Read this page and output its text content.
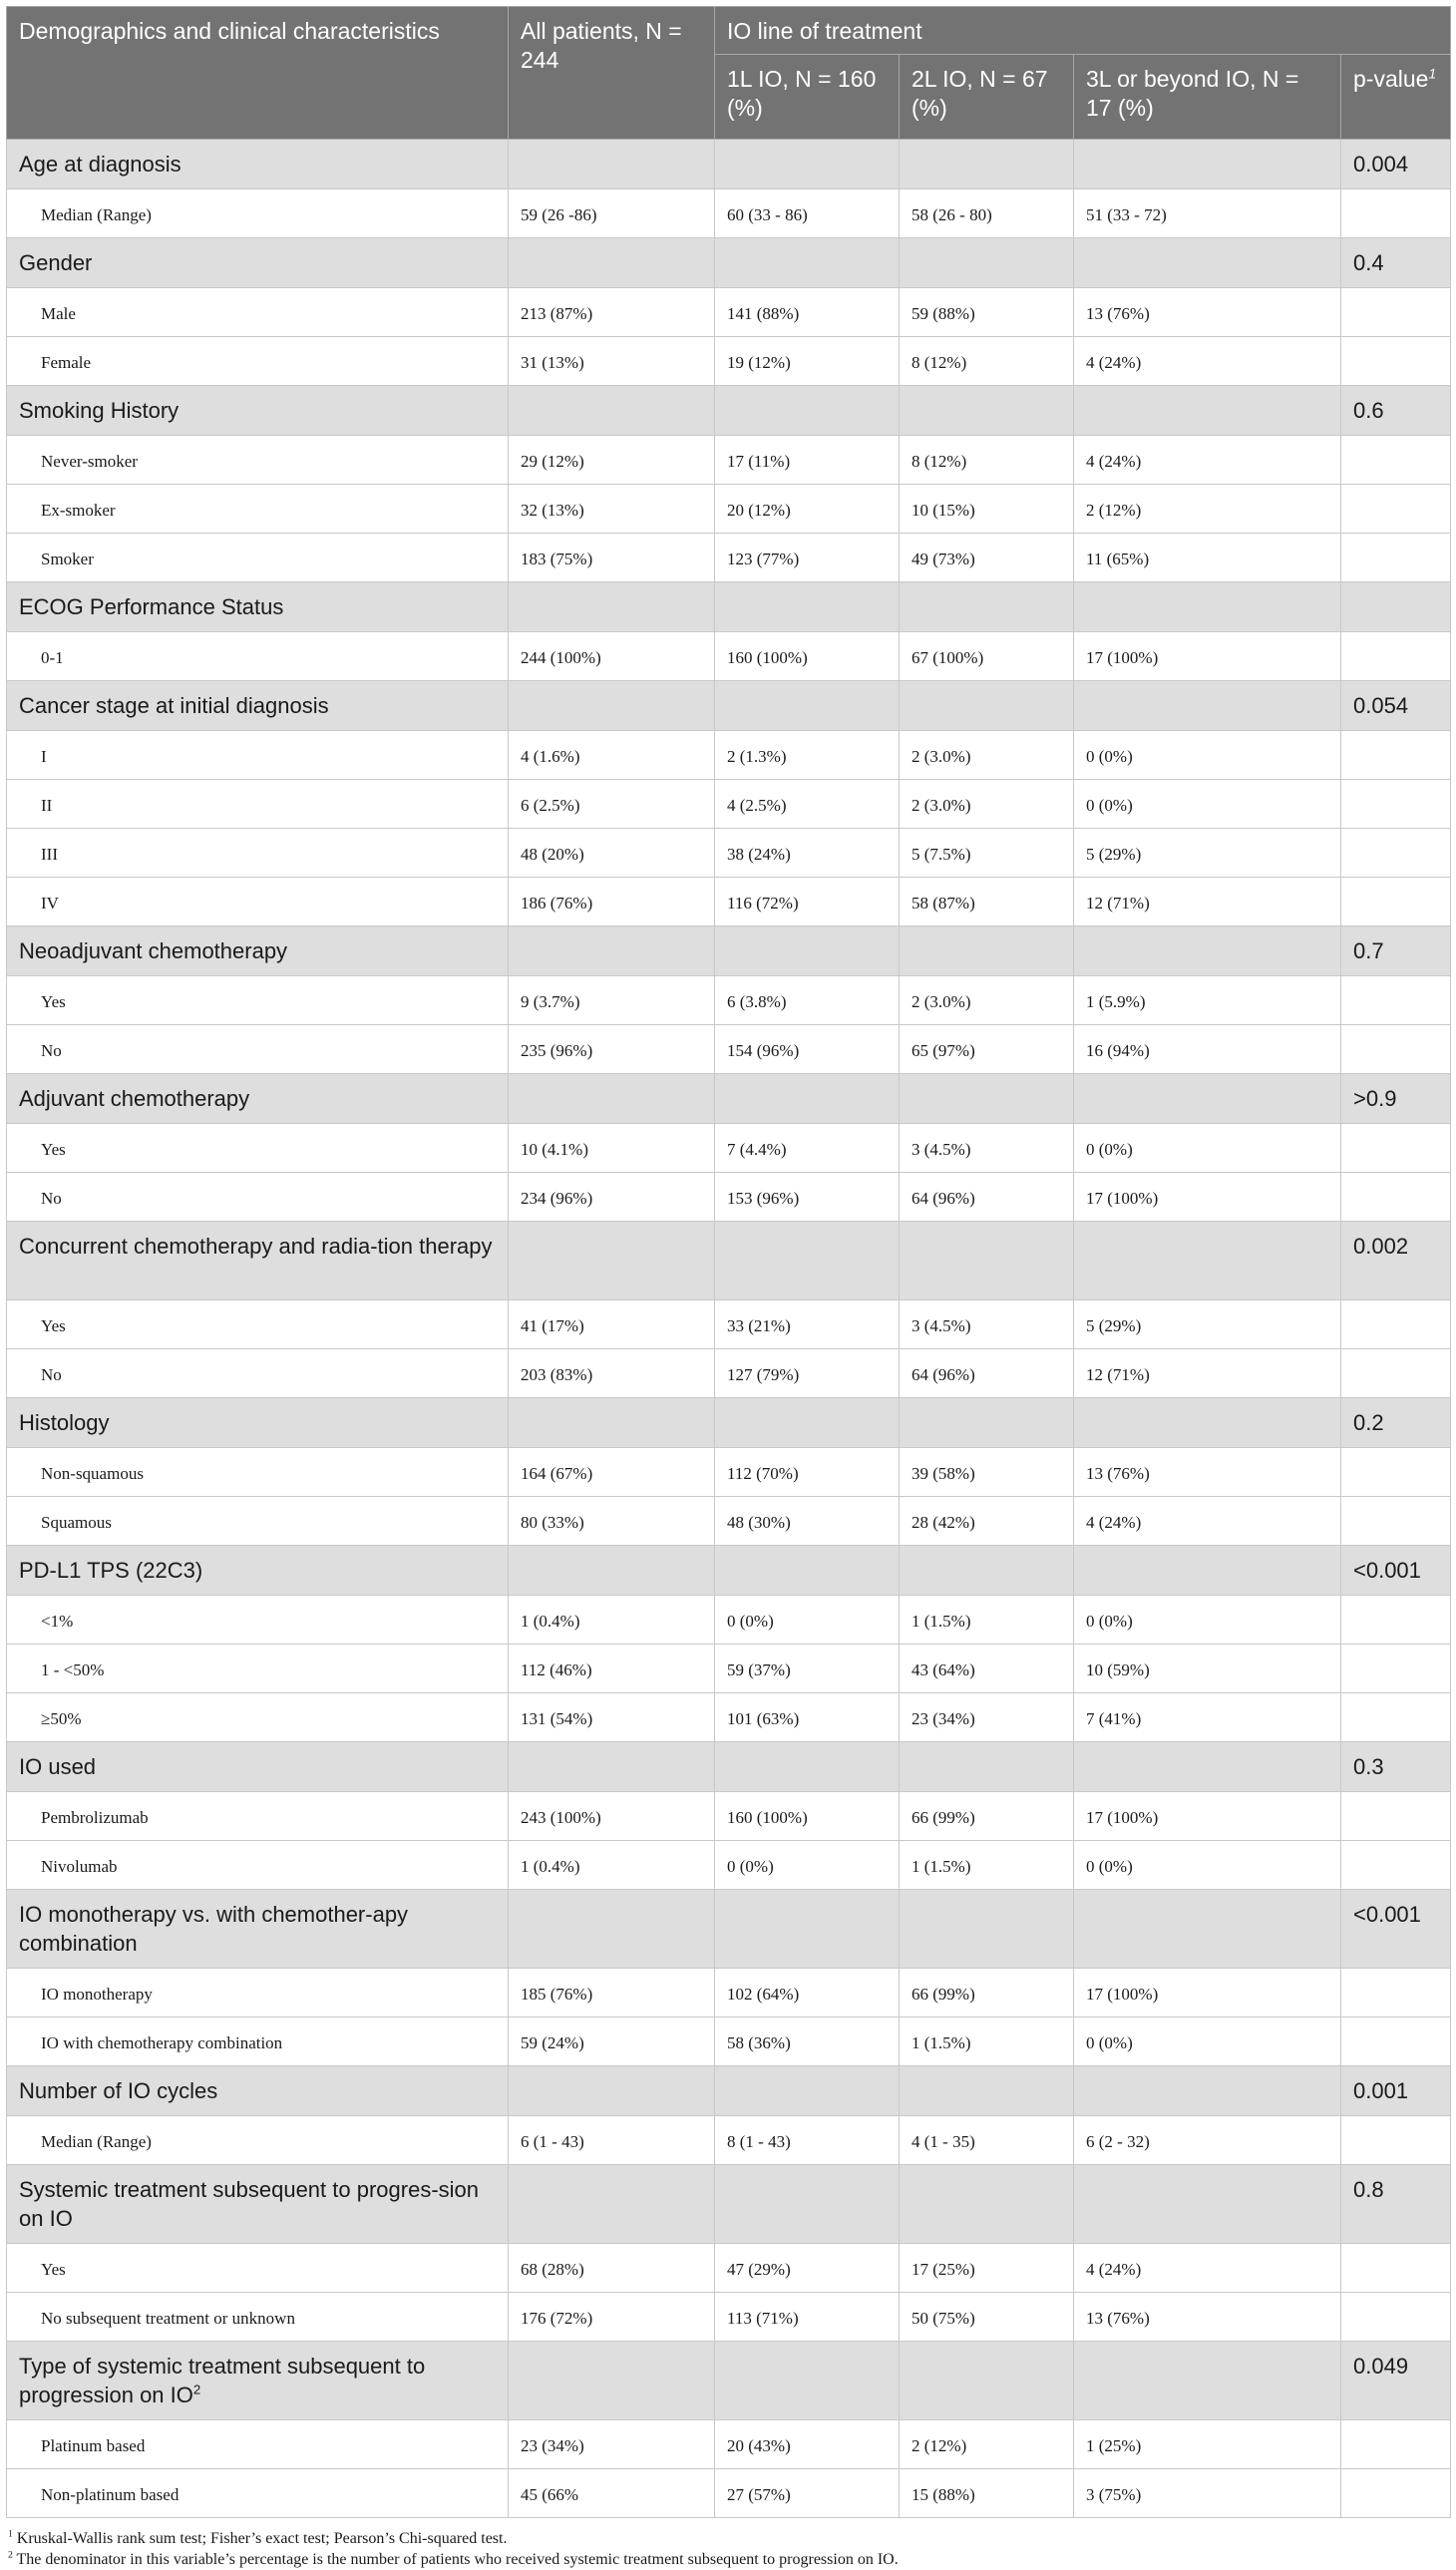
Demographics and clinical characteristics	All patients, N = 244	IO line of treatment			
		1L IO, N = 160 (%)	2L IO, N = 67 (%)	3L or beyond IO, N = 17 (%)	p-value$^1$
Age at diagnosis					0.004
Median (Range)	59 (26 -86)	60 (33 - 86)	58 (26 - 80)	51 (33 - 72)	
Gender					0.4
Male	213 (87%)	141 (88%)	59 (88%)	13 (76%)	
Female	31 (13%)	19 (12%)	8 (12%)	4 (24%)	
Smoking History					0.6
Never-smoker	29 (12%)	17 (11%)	8 (12%)	4 (24%)	
Ex-smoker	32 (13%)	20 (12%)	10 (15%)	2 (12%)	
Smoker	183 (75%)	123 (77%)	49 (73%)	11 (65%)	
ECOG Performance Status					
0-1	244 (100%)	160 (100%)	67 (100%)	17 (100%)	
Cancer stage at initial diagnosis					0.054
I	4 (1.6%)	2 (1.3%)	2 (3.0%)	0 (0%)	
II	6 (2.5%)	4 (2.5%)	2 (3.0%)	0 (0%)	
III	48 (20%)	38 (24%)	5 (7.5%)	5 (29%)	
IV	186 (76%)	116 (72%)	58 (87%)	12 (71%)	
Neoadjuvant chemotherapy					0.7
Yes	9 (3.7%)	6 (3.8%)	2 (3.0%)	1 (5.9%)	
No	235 (96%)	154 (96%)	65 (97%)	16 (94%)	
Adjuvant chemotherapy					>0.9
Yes	10 (4.1%)	7 (4.4%)	3 (4.5%)	0 (0%)	
No	234 (96%)	153 (96%)	64 (96%)	17 (100%)	
Concurrent chemotherapy and radia-tion therapy					0.002
Yes	41 (17%)	33 (21%)	3 (4.5%)	5 (29%)	
No	203 (83%)	127 (79%)	64 (96%)	12 (71%)	
Histology					0.2
Non-squamous	164 (67%)	112 (70%)	39 (58%)	13 (76%)	
Squamous	80 (33%)	48 (30%)	28 (42%)	4 (24%)	
PD-L1 TPS (22C3)					<0.001
<1%	1 (0.4%)	0 (0%)	1 (1.5%)	0 (0%)	
1 - <50%	112 (46%)	59 (37%)	43 (64%)	10 (59%)	
≥50%	131 (54%)	101 (63%)	23 (34%)	7 (41%)	
IO used					0.3
Pembrolizumab	243 (100%)	160 (100%)	66 (99%)	17 (100%)	
Nivolumab	1 (0.4%)	0 (0%)	1 (1.5%)	0 (0%)	
IO monotherapy vs. with chemother-apy combination					<0.001
IO monotherapy	185 (76%)	102 (64%)	66 (99%)	17 (100%)	
IO with chemotherapy combination	59 (24%)	58 (36%)	1 (1.5%)	0 (0%)	
Number of IO cycles					0.001
Median (Range)	6 (1 - 43)	8 (1 - 43)	4 (1 - 35)	6 (2 - 32)	
Systemic treatment subsequent to progres-sion on IO					0.8
Yes	68 (28%)	47 (29%)	17 (25%)	4 (24%)	
No subsequent treatment or unknown	176 (72%)	113 (71%)	50 (75%)	13 (76%)	
Type of systemic treatment subsequent to progression on $IO^2$					0.049
Platinum based	23 (34%)	20 (43%)	2 (12%)	1 (25%)	
Non-platinum based	45 (66%	27 (57%)	15 (88%)	3 (75%)	

$^1$ Kruskal-Wallis rank sum test; Fisher’s exact test; Pearson’s Chi-squared test.

$^2$ The denominator in this variable’s percentage is the number of patients who received systemic treatment subsequent to progression on IO.
